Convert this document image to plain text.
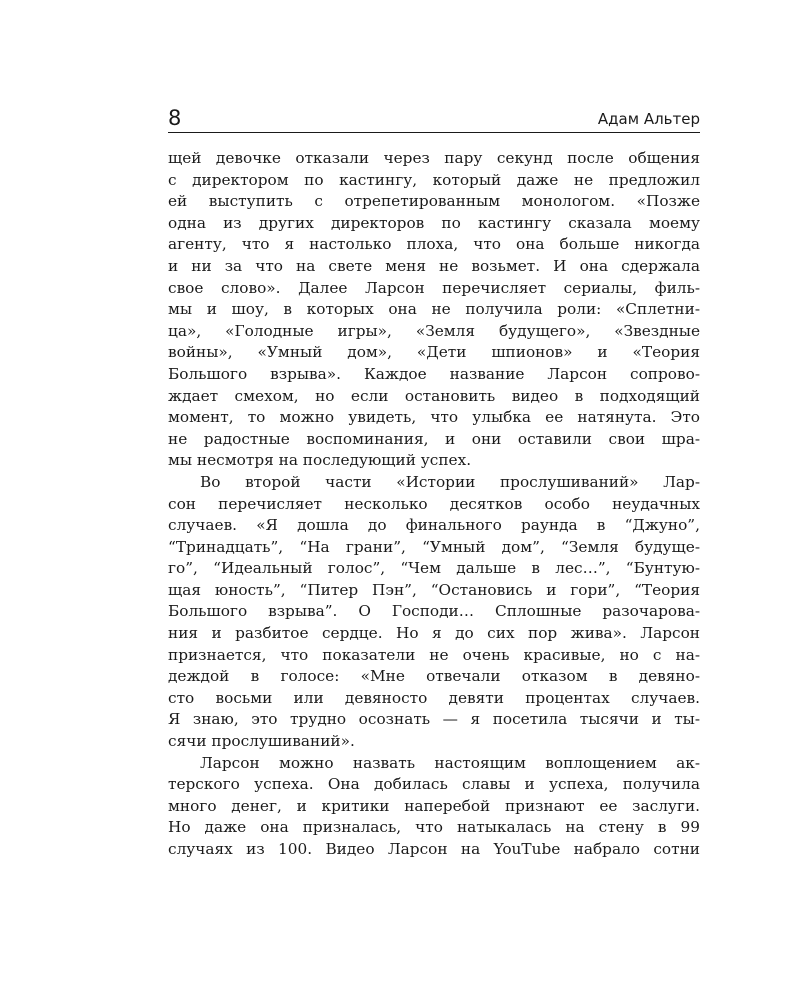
8	Адам Альтер
щей девочке отказали через пару секунд после общения
с директором по кастингу, который даже не предложил
ей выступить с отрепетированным монологом. «Позже
одна из других директоров по кастингу сказала моему
агенту, что я настолько плоха, что она больше никогда
и ни за что на свете меня не возьмет. И она сдержала
свое слово». Далее Ларсон перечисляет сериалы, филь-
мы и шоу, в которых она не получила роли: «Сплетни-
ца», «Голодные игры», «Земля будущего», «Звездные
войны», «Умный дом», «Дети шпионов» и «Теория
Большого взрыва». Каждое название Ларсон сопрово-
ждает смехом, но если остановить видео в подходящий
момент, то можно увидеть, что улыбка ее натянута. Это
не радостные воспоминания, и они оставили свои шра-
мы несмотря на последующий успех.
Во второй части «Истории прослушиваний» Лар-
сон перечисляет несколько десятков особо неудачных
случаев. «Я дошла до финального раунда в “Джуно”,
“Тринадцать”, “На грани”, “Умный дом”, “Земля будуще-
го”, “Идеальный голос”, “Чем дальше в лес…”, “Бунтую-
щая юность”, “Питер Пэн”, “Остановись и гори”, “Теория
Большого взрыва”. О Господи… Сплошные разочарова-
ния и разбитое сердце. Но я до сих пор жива». Ларсон
признается, что показатели не очень красивые, но с на-
деждой в голосе: «Мне отвечали отказом в девяно-
сто восьми или девяносто девяти процентах случаев.
Я знаю, это трудно осознать — я посетила тысячи и ты-
сячи прослушиваний».
Ларсон можно назвать настоящим воплощением ак-
терского успеха. Она добилась славы и успеха, получила
много денег, и критики наперебой признают ее заслуги.
Но даже она призналась, что натыкалась на стену в 99
случаях из 100. Видео Ларсон на YouTube набрало сотни
